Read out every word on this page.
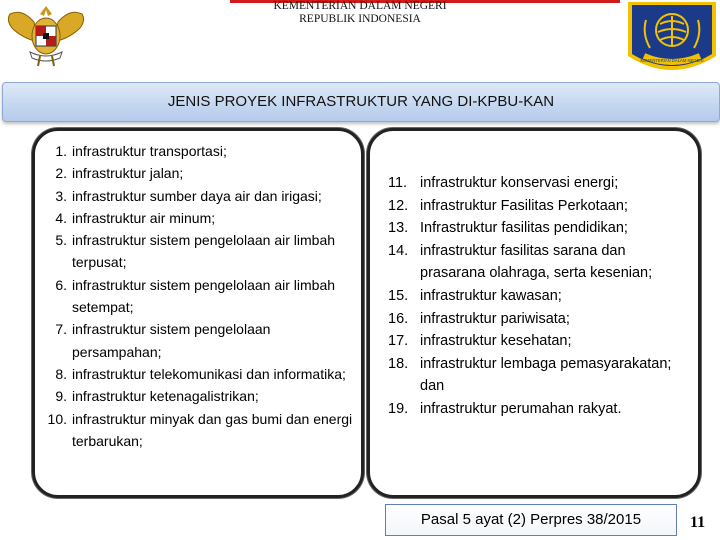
KEMENTERIAN DALAM NEGERI
REPUBLIK INDONESIA
KEMENTERIAN DALAM NEGERI
JENIS PROYEK INFRASTRUKTUR YANG DI-KPBU-KAN
1. infrastruktur transportasi;
2. infrastruktur jalan;
3. infrastruktur sumber daya air dan irigasi;
4. infrastruktur air minum;
5. infrastruktur sistem pengelolaan air limbah terpusat;
6. infrastruktur sistem pengelolaan air limbah setempat;
7. infrastruktur sistem pengelolaan persampahan;
8. infrastruktur telekomunikasi dan informatika;
9. infrastruktur ketenagalistrikan;
10. infrastruktur minyak dan gas bumi dan energi terbarukan;
11. infrastruktur konservasi energi;
12. infrastruktur Fasilitas Perkotaan;
13. Infrastruktur fasilitas pendidikan;
14. infrastruktur fasilitas sarana dan prasarana olahraga, serta kesenian;
15. infrastruktur kawasan;
16. infrastruktur pariwisata;
17. infrastruktur kesehatan;
18. infrastruktur lembaga pemasyarakatan; dan
19. infrastruktur perumahan rakyat.
Pasal 5 ayat (2) Perpres 38/2015	11
